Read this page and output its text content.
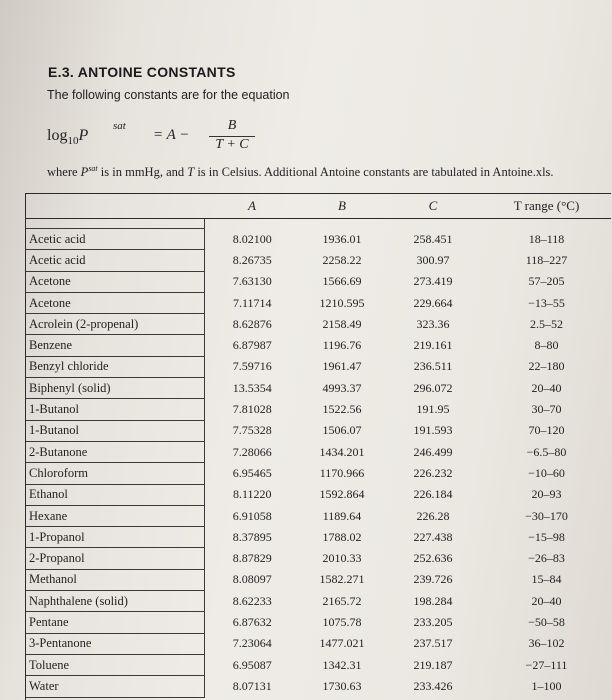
E.3. ANTOINE CONSTANTS
The following constants are for the equation
$\log_{10}P$
sat
= A −
B
T + C
where $P^{sat}$ is in mmHg, and T is in Celsius. Additional Antoine constants are tabulated in Antoine.xls.
	A	B	C	T range (°C)

Acetic acid	8.02100	1936.01	258.451	18–118
Acetic acid	8.26735	2258.22	300.97	118–227
Acetone	7.63130	1566.69	273.419	57–205
Acetone	7.11714	1210.595	229.664	−13–55
Acrolein (2-propenal)	8.62876	2158.49	323.36	2.5–52
Benzene	6.87987	1196.76	219.161	8–80
Benzyl chloride	7.59716	1961.47	236.511	22–180
Biphenyl (solid)	13.5354	4993.37	296.072	20–40
1-Butanol	7.81028	1522.56	191.95	30–70
1-Butanol	7.75328	1506.07	191.593	70–120
2-Butanone	7.28066	1434.201	246.499	−6.5–80
Chloroform	6.95465	1170.966	226.232	−10–60
Ethanol	8.11220	1592.864	226.184	20–93
Hexane	6.91058	1189.64	226.28	−30–170
1-Propanol	8.37895	1788.02	227.438	−15–98
2-Propanol	8.87829	2010.33	252.636	−26–83
Methanol	8.08097	1582.271	239.726	15–84
Naphthalene (solid)	8.62233	2165.72	198.284	20–40
Pentane	6.87632	1075.78	233.205	−50–58
3-Pentanone	7.23064	1477.021	237.517	36–102
Toluene	6.95087	1342.31	219.187	−27–111
Water	8.07131	1730.63	233.426	1–100
